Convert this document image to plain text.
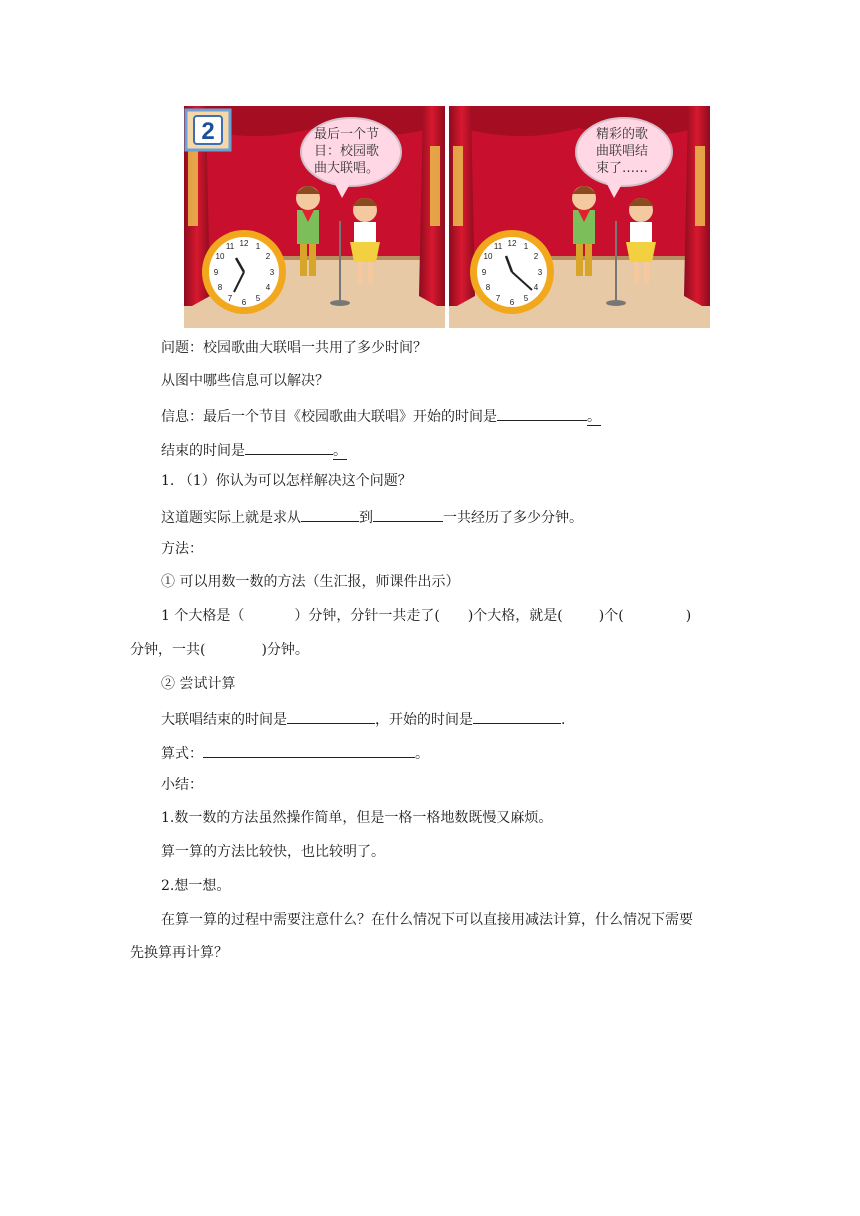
2	最后一个节 目：校园歌 曲大联唱。
12 1
2
3
4
5
6
7
8
9
10
11
精彩的歌 曲联唱结 束了……
12 1
2
3
4
5
6
7
8
9
10
11
问题：校园歌曲大联唱一共用了多少时间？
从图中哪些信息可以解决？
信息：最后一个节目《校园歌曲大联唱》开始的时间是	。
结束的时间是	。
1. （1）你认为可以怎样解决这个问题？
这道题实际上就是求从	到	一共经历了多少分钟。
方法：
① 可以用数一数的方法（生汇报，师课件出示）
1 个大格是（	）分钟，分针一共走了( )个大格，就是(	)个(	)
分钟，一共(	)分钟。
② 尝试计算
大联唱结束的时间是	，开始的时间是	.
算式：	。
小结：
1.数一数的方法虽然操作简单，但是一格一格地数既慢又麻烦。
算一算的方法比较快，也比较明了。
2.想一想。
在算一算的过程中需要注意什么？在什么情况下可以直接用减法计算，什么情况下需要
先换算再计算？
